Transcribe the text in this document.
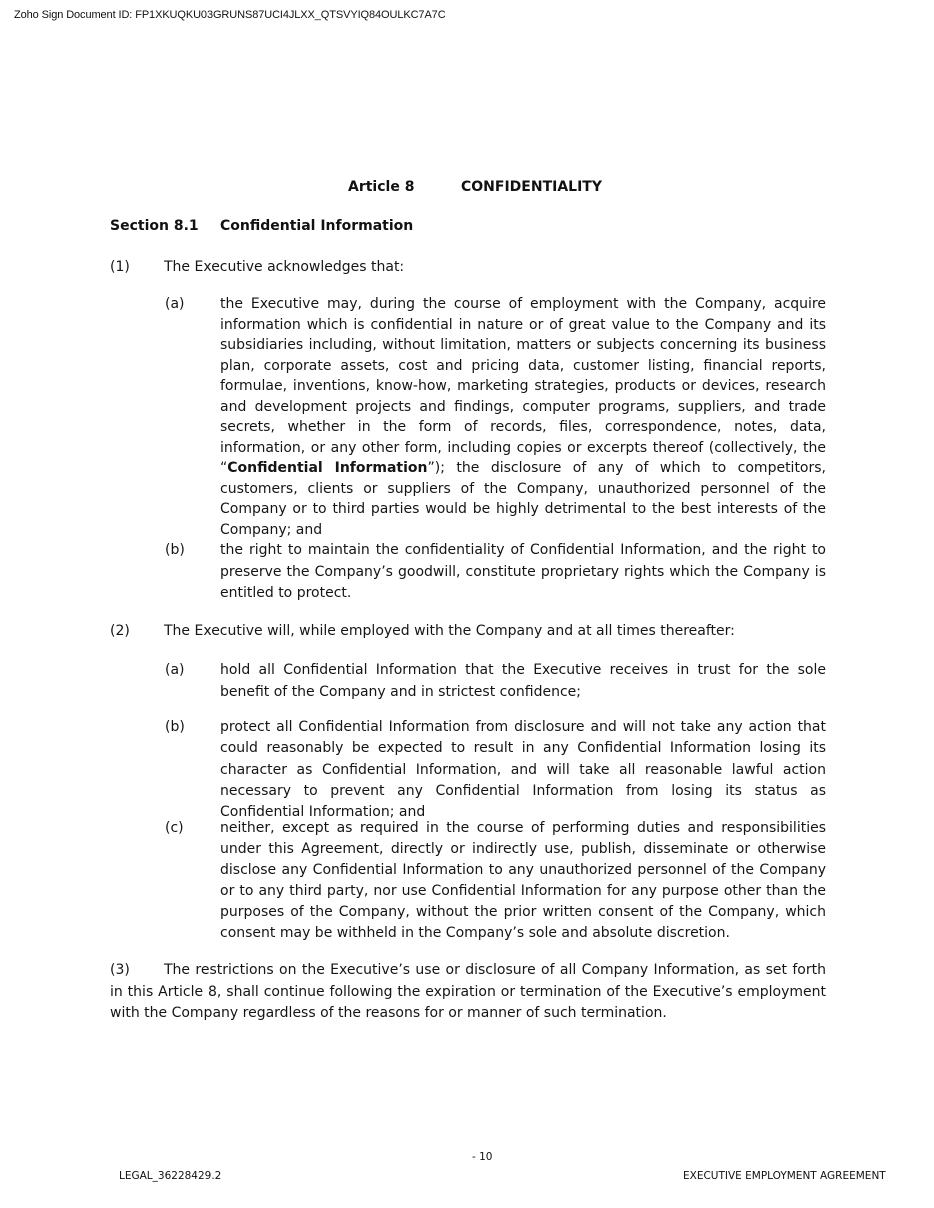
Zoho Sign Document ID: FP1XKUQKU03GRUNS87UCI4JLXX_QTSVYIQ84OULKC7A7C
Article 8	CONFIDENTIALITY
Section 8.1 Confidential Information
(1) The Executive acknowledges that:
(a)	the Executive may, during the course of employment with the Company, acquire information which is confidential in nature or of great value to the Company and its subsidiaries including, without limitation, matters or subjects concerning its business plan, corporate assets, cost and pricing data, customer listing, financial reports, formulae, inventions, know-how, marketing strategies, products or devices, research and development projects and findings, computer programs, suppliers, and trade secrets, whether in the form of records, files, correspondence, notes, data, information, or any other form, including copies or excerpts thereof (collectively, the “Confidential Information”); the disclosure of any of which to competitors, customers, clients or suppliers of the Company, unauthorized personnel of the Company or to third parties would be highly detrimental to the best interests of the Company; and
(b)	the right to maintain the confidentiality of Confidential Information, and the right to preserve the Company’s goodwill, constitute proprietary rights which the Company is entitled to protect.
(2) The Executive will, while employed with the Company and at all times thereafter:
(a)	hold all Confidential Information that the Executive receives in trust for the sole benefit of the Company and in strictest confidence;
(b)	protect all Confidential Information from disclosure and will not take any action that could reasonably be expected to result in any Confidential Information losing its character as Confidential Information, and will take all reasonable lawful action necessary to prevent any Confidential Information from losing its status as Confidential Information; and
(c)	neither, except as required in the course of performing duties and responsibilities under this Agreement, directly or indirectly use, publish, disseminate or otherwise disclose any Confidential Information to any unauthorized personnel of the Company or to any third party, nor use Confidential Information for any purpose other than the purposes of the Company, without the prior written consent of the Company, which consent may be withheld in the Company’s sole and absolute discretion.
(3) The restrictions on the Executive’s use or disclosure of all Company Information, as set forth in this Article 8, shall continue following the expiration or termination of the Executive’s employment with the Company regardless of the reasons for or manner of such termination.
- 10
LEGAL_36228429.2	EXECUTIVE EMPLOYMENT AGREEMENT
